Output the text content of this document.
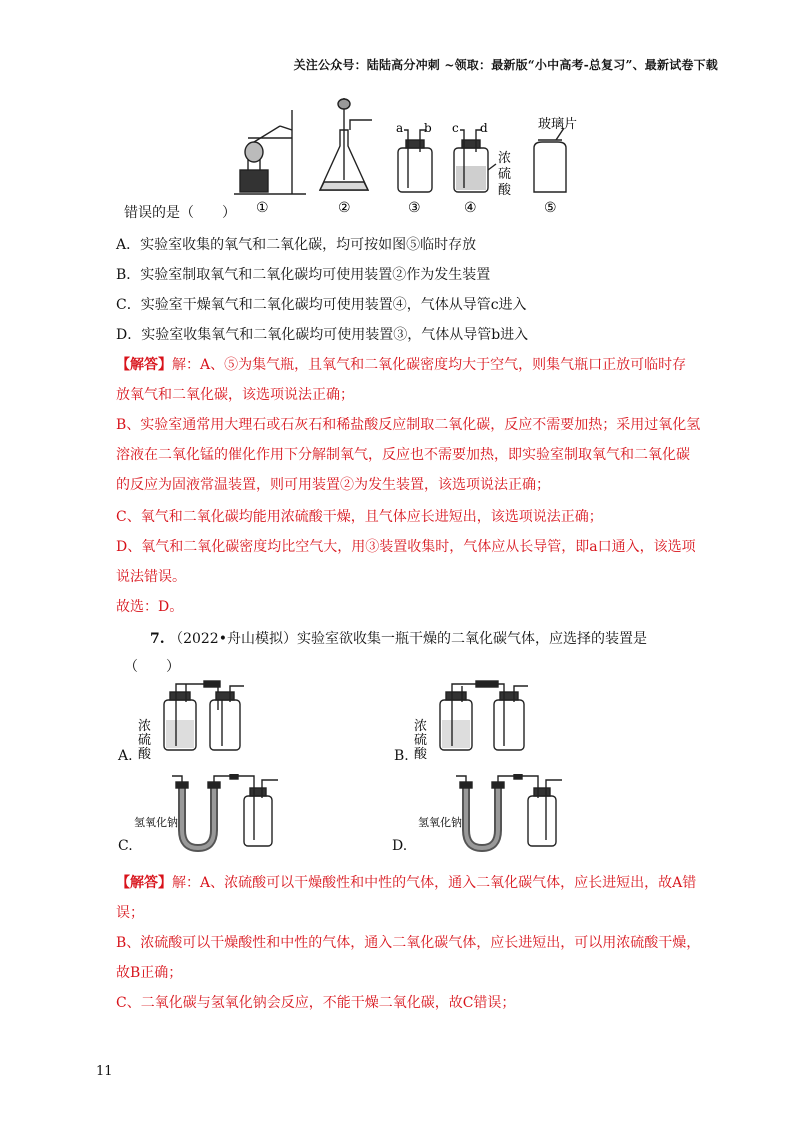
关注公众号：陆陆高分冲刺 ~领取：最新版“小中高考-总复习”、最新试卷下载
①	②
a b
③
c d
浓
硫
酸
④
玻璃片
⑤
错误的是（　　）
A．实验室收集的氧气和二氧化碳，均可按如图⑤临时存放
B．实验室制取氧气和二氧化碳均可使用装置②作为发生装置
C．实验室干燥氧气和二氧化碳均可使用装置④，气体从导管c进入
D．实验室收集氧气和二氧化碳均可使用装置③，气体从导管b进入
【解答】解：A、⑤为集气瓶，且氧气和二氧化碳密度均大于空气，则集气瓶口正放可临时存
放氧气和二氧化碳，该选项说法正确；
B、实验室通常用大理石或石灰石和稀盐酸反应制取二氧化碳，反应不需要加热；采用过氧化氢
溶液在二氧化锰的催化作用下分解制氧气，反应也不需要加热，即实验室制取氧气和二氧化碳
的反应为固液常温装置，则可用装置②为发生装置，该选项说法正确；
C、氧气和二氧化碳均能用浓硫酸干燥，且气体应长进短出，该选项说法正确；
D、氧气和二氧化碳密度均比空气大，用③装置收集时，气体应从长导管，即a口通入，该选项
说法错误。
故选：D。
7. （2022•舟山模拟）实验室欲收集一瓶干燥的二氧化碳气体，应选择的装置是
（　　）
浓
硫
酸
A.
浓
硫
酸
B.
氢氧化钠
C.
氢氧化钠
D.
【解答】解：A、浓硫酸可以干燥酸性和中性的气体，通入二氧化碳气体，应长进短出，故A错
误；
B、浓硫酸可以干燥酸性和中性的气体，通入二氧化碳气体，应长进短出，可以用浓硫酸干燥，
故B正确；
C、二氧化碳与氢氧化钠会反应，不能干燥二氧化碳，故C错误；
11
